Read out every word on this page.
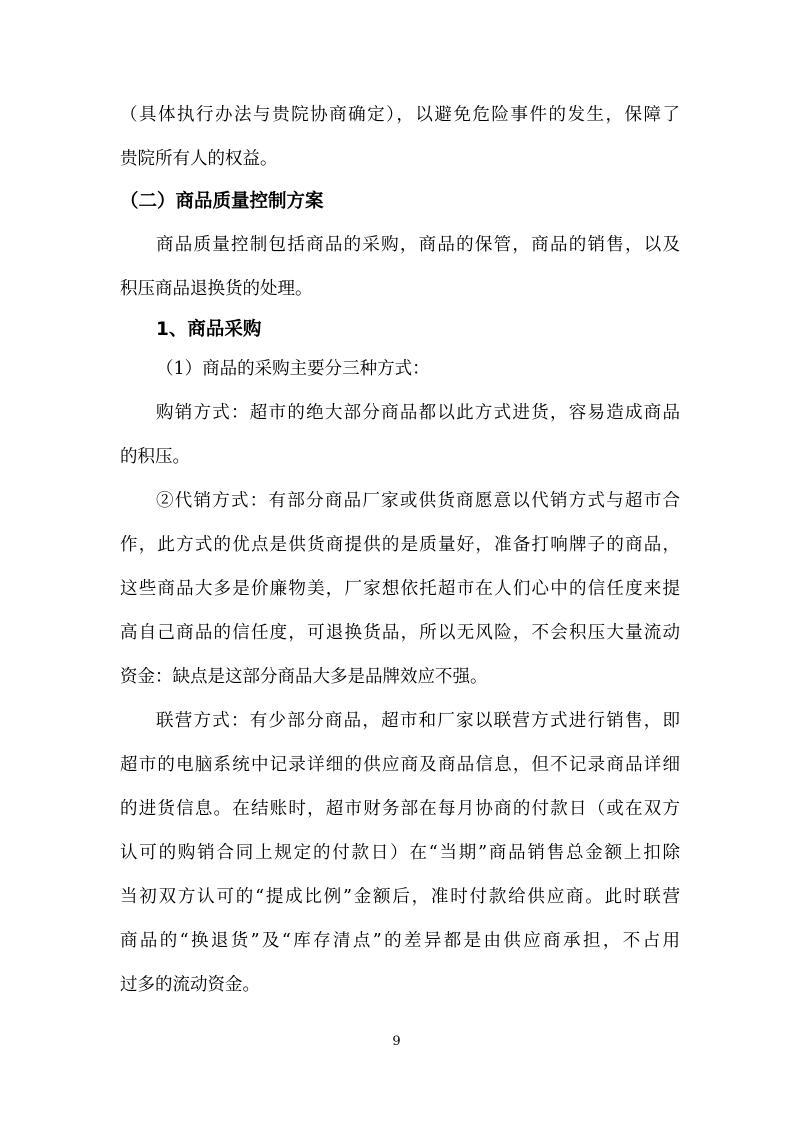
（具体执行办法与贵院协商确定），以避免危险事件的发生，保障了
贵院所有人的权益。
（二）商品质量控制方案
商品质量控制包括商品的采购，商品的保管，商品的销售，以及
积压商品退换货的处理。
1、商品采购
（1）商品的采购主要分三种方式：
购销方式：超市的绝大部分商品都以此方式进货，容易造成商品
的积压。
②代销方式：有部分商品厂家或供货商愿意以代销方式与超市合
作，此方式的优点是供货商提供的是质量好，准备打响牌子的商品，
这些商品大多是价廉物美，厂家想依托超市在人们心中的信任度来提
高自己商品的信任度，可退换货品，所以无风险，不会积压大量流动
资金：缺点是这部分商品大多是品牌效应不强。
联营方式：有少部分商品，超市和厂家以联营方式进行销售，即
超市的电脑系统中记录详细的供应商及商品信息，但不记录商品详细
的进货信息。在结账时，超市财务部在每月协商的付款日（或在双方
认可的购销合同上规定的付款日）在“当期”商品销售总金额上扣除
当初双方认可的“提成比例”金额后，准时付款给供应商。此时联营
商品的“换退货”及“库存清点”的差异都是由供应商承担，不占用
过多的流动资金。
9
